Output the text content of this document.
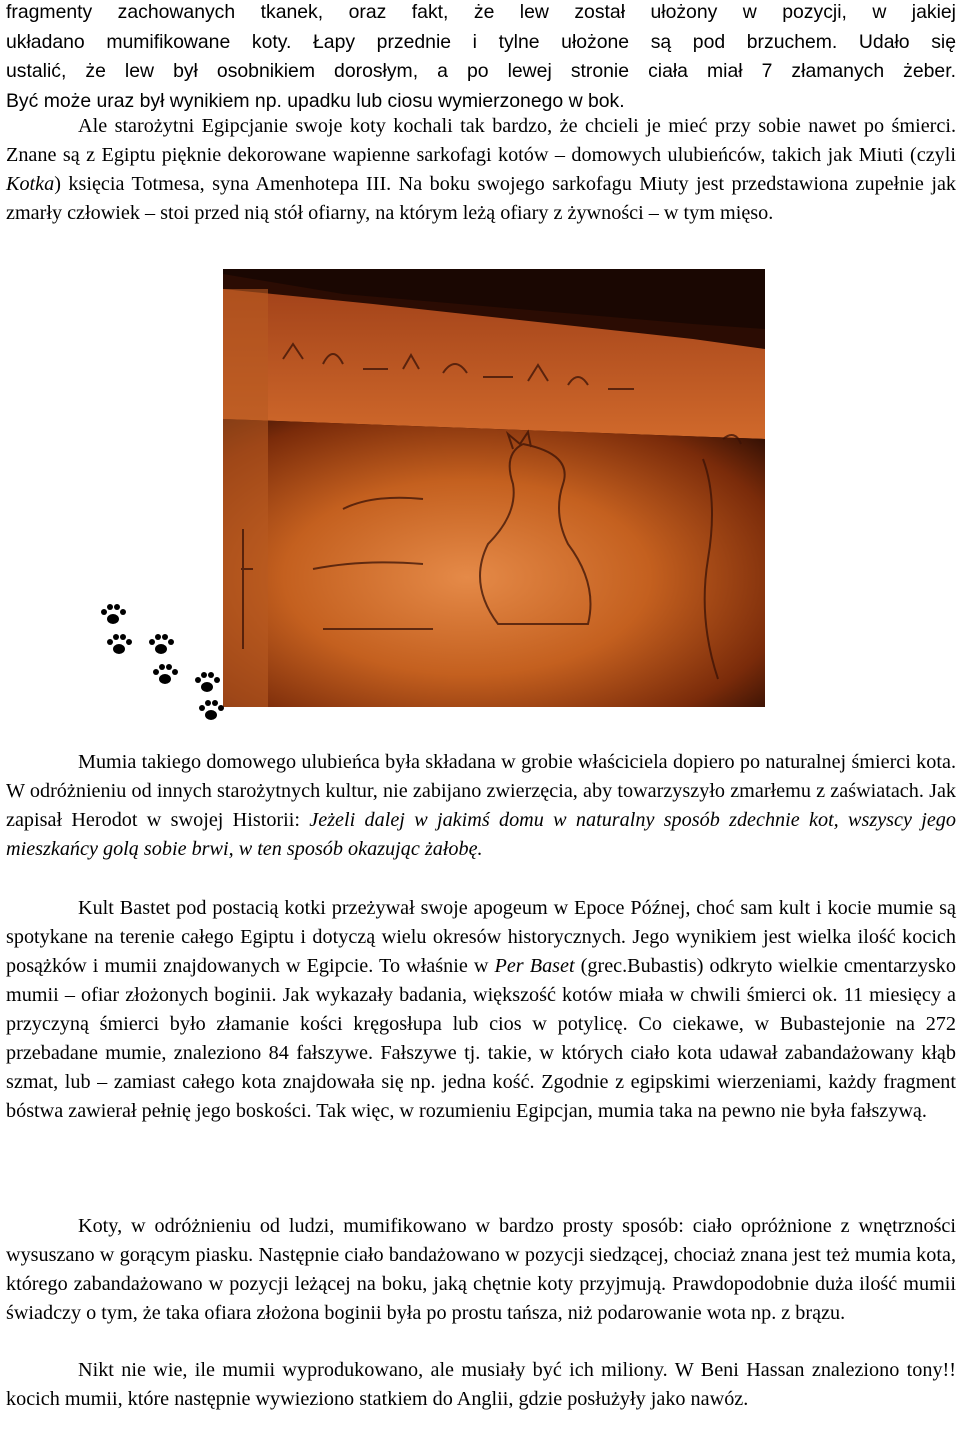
fragmenty zachowanych tkanek, oraz fakt, że lew został ułożony w pozycji, w jakiej
układano mumifikowane koty. Łapy przednie i tylne ułożone są pod brzuchem. Udało się
ustalić, że lew był osobnikiem dorosłym, a po lewej stronie ciała miał 7 złamanych żeber.
Być może uraz był wynikiem np. upadku lub ciosu wymierzonego w bok.

Ale starożytni Egipcjanie swoje koty kochali tak bardzo, że chcieli je mieć przy sobie nawet po śmierci. Znane są z Egiptu pięknie dekorowane wapienne sarkofagi kotów – domowych ulubieńców, takich jak Miuti (czyli Kotka) księcia Totmesa, syna Amenhotepa III. Na boku swojego sarkofagu Miuty jest przedstawiona zupełnie jak zmarły człowiek – stoi przed nią stół ofiarny, na którym leżą ofiary z żywności – w tym mięso.

Mumia takiego domowego ulubieńca była składana w grobie właściciela dopiero po naturalnej śmierci kota. W odróżnieniu od innych starożytnych kultur, nie zabijano zwierzęcia, aby towarzyszyło zmarłemu z zaświatach. Jak zapisał Herodot w swojej Historii: Jeżeli dalej w jakimś domu w naturalny sposób zdechnie kot, wszyscy jego mieszkańcy golą sobie brwi, w ten sposób okazując żałobę.

Kult Bastet pod postacią kotki przeżywał swoje apogeum w Epoce Późnej, choć sam kult i kocie mumie są spotykane na terenie całego Egiptu i dotyczą wielu okresów historycznych. Jego wynikiem jest wielka ilość kocich posążków i mumii znajdowanych w Egipcie. To właśnie w Per Baset (grec.Bubastis) odkryto wielkie cmentarzysko mumii – ofiar złożonych boginii. Jak wykazały badania, większość kotów miała w chwili śmierci ok. 11 miesięcy a przyczyną śmierci było złamanie kości kręgosłupa lub cios w potylicę. Co ciekawe, w Bubastejonie na 272 przebadane mumie, znaleziono 84 fałszywe. Fałszywe tj. takie, w których ciało kota udawał zabandażowany kłąb szmat, lub – zamiast całego kota znajdowała się np. jedna kość. Zgodnie z egipskimi wierzeniami, każdy fragment bóstwa zawierał pełnię jego boskości. Tak więc, w rozumieniu Egipcjan, mumia taka na pewno nie była fałszywą.

Koty, w odróżnieniu od ludzi, mumifikowano w bardzo prosty sposób: ciało opróżnione z wnętrzności wysuszano w gorącym piasku. Następnie ciało bandażowano w pozycji siedzącej, chociaż znana jest też mumia kota, którego zabandażowano w pozycji leżącej na boku, jaką chętnie koty przyjmują. Prawdopodobnie duża ilość mumii świadczy o tym, że taka ofiara złożona boginii była po prostu tańsza, niż podarowanie wota np. z brązu.

Nikt nie wie, ile mumii wyprodukowano, ale musiały być ich miliony. W Beni Hassan znaleziono tony!! kocich mumii, które następnie wywieziono statkiem do Anglii, gdzie posłużyły jako nawóz.
